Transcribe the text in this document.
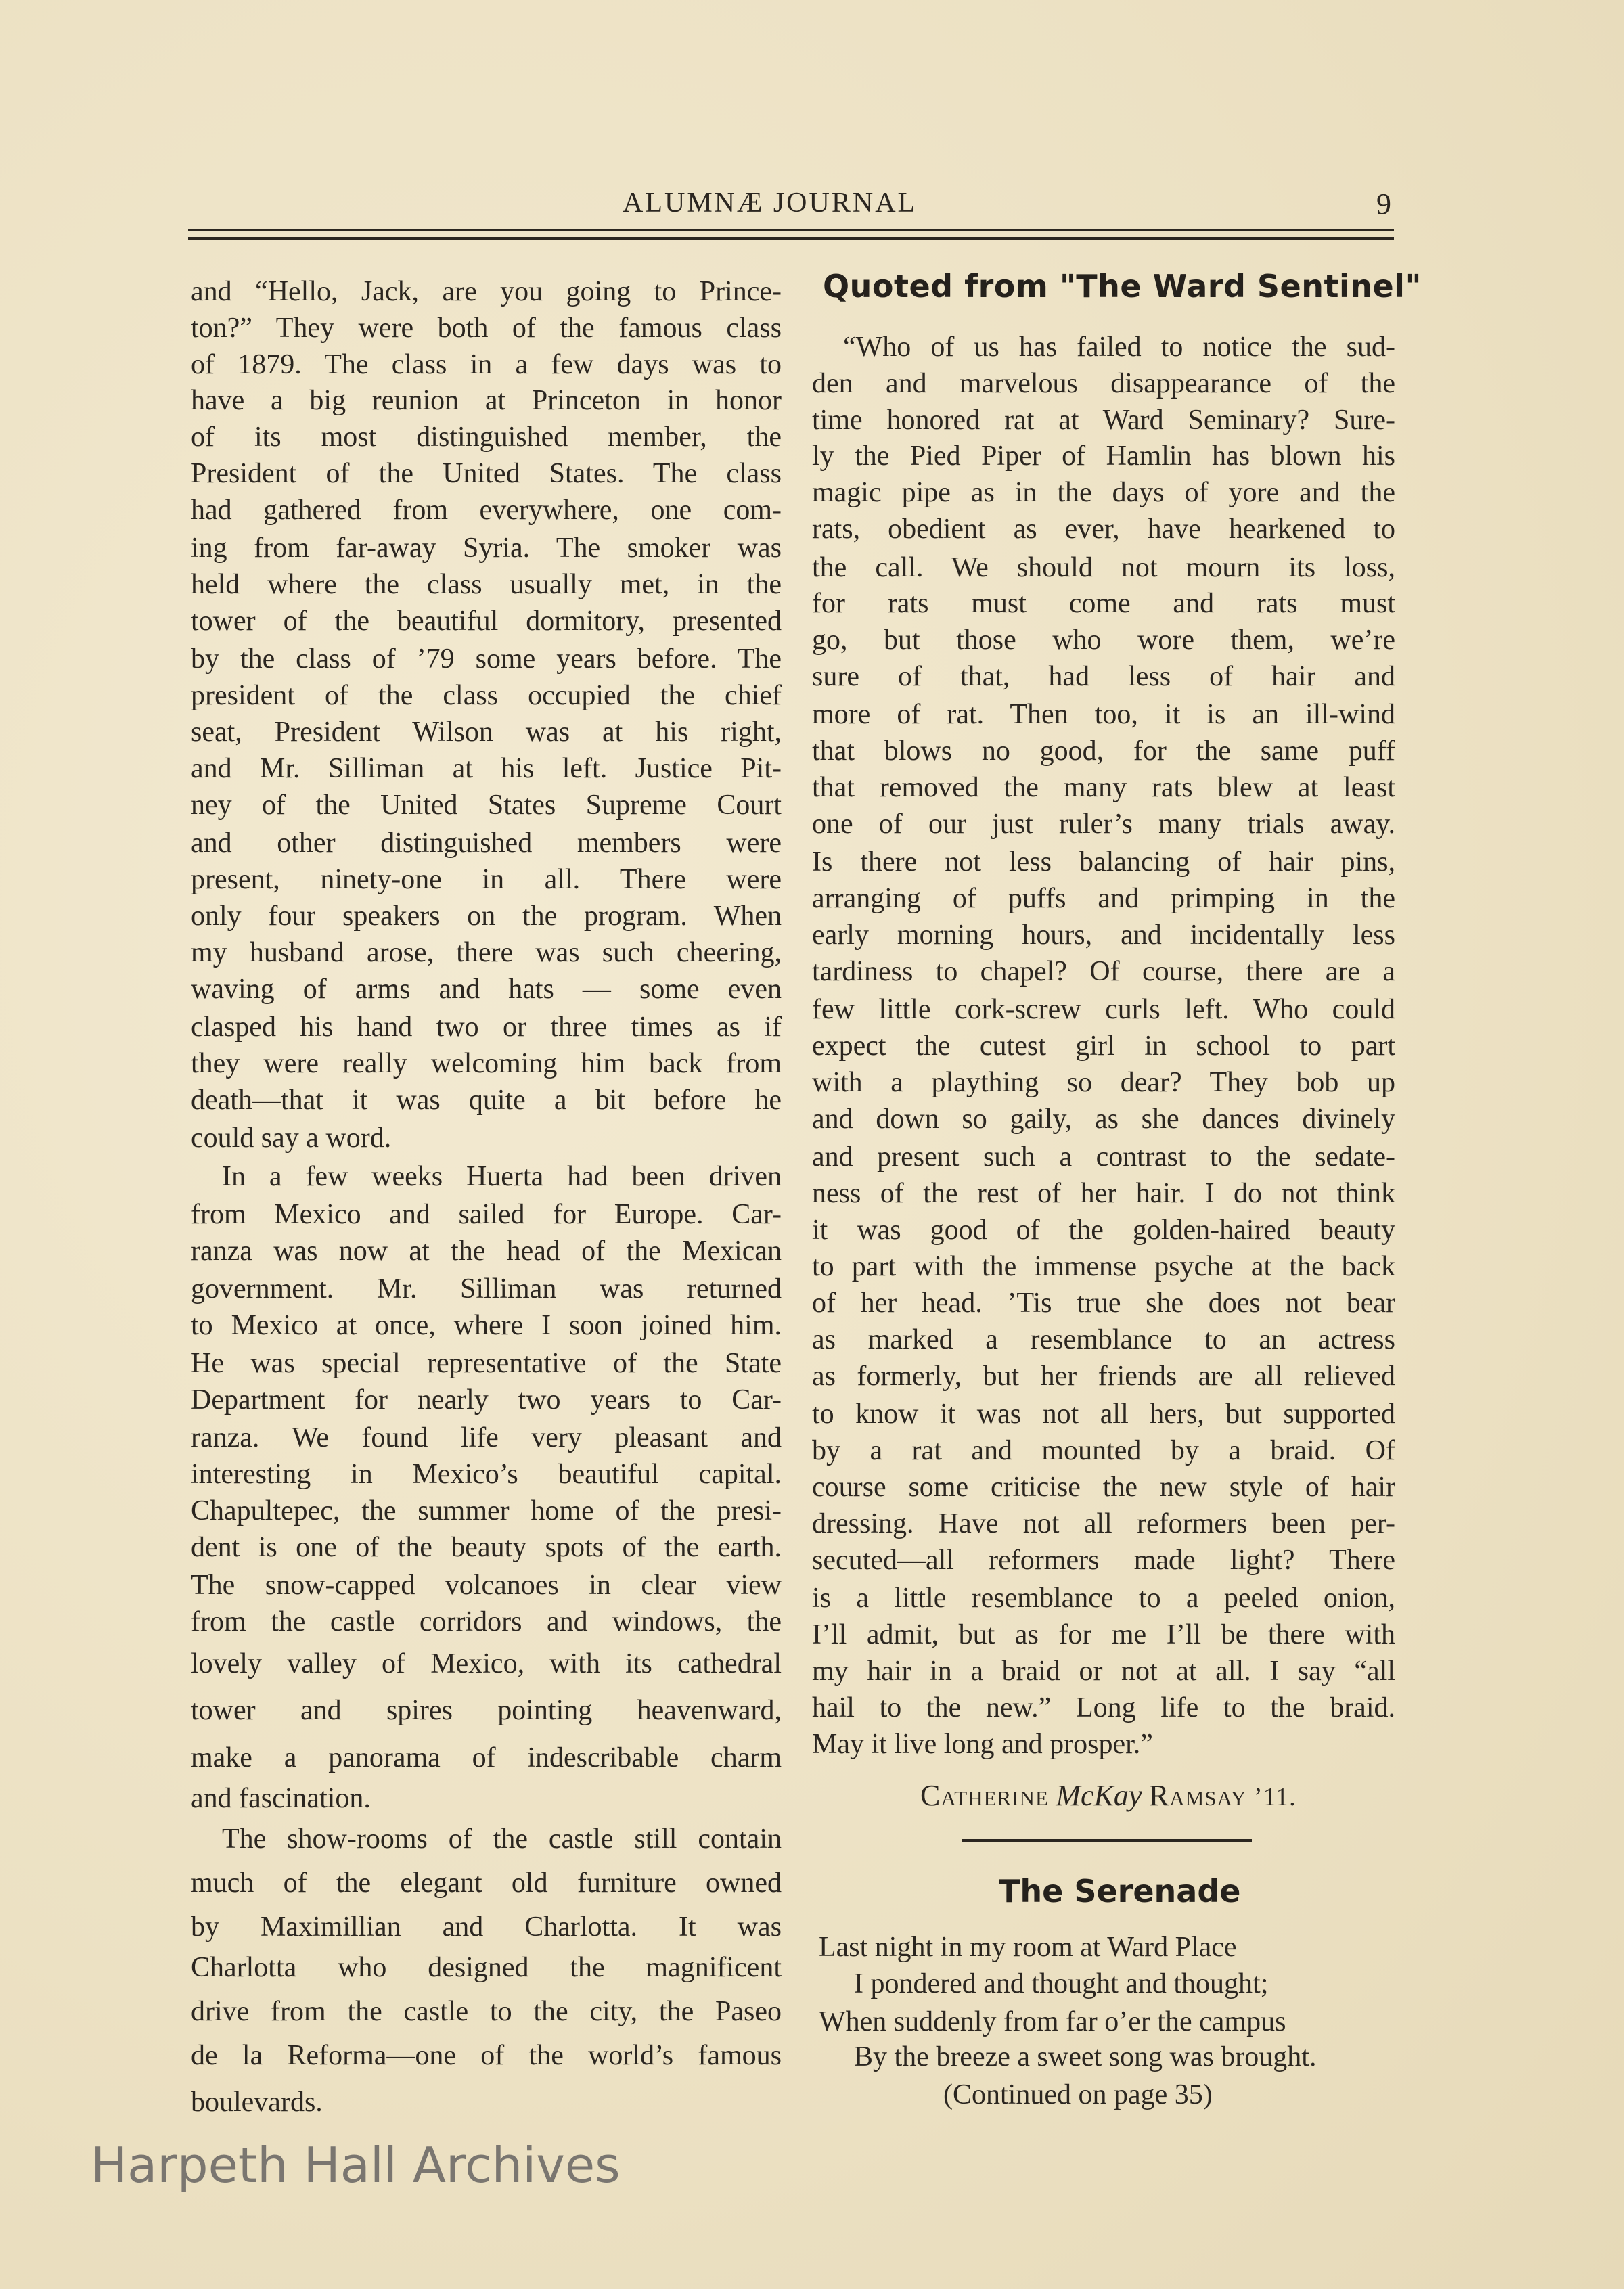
ALUMNÆ JOURNAL	9
and “Hello, Jack, are you going to Prince-
ton?” They were both of the famous class
of 1879. The class in a few days was to
have a big reunion at Princeton in honor
of its most distinguished member, the
President of the United States. The class
had gathered from everywhere, one com-
ing from far-away Syria. The smoker was
held where the class usually met, in the
tower of the beautiful dormitory, presented
by the class of ’79 some years before. The
president of the class occupied the chief
seat, President Wilson was at his right,
and Mr. Silliman at his left. Justice Pit-
ney of the United States Supreme Court
and other distinguished members were
present, ninety-one in all. There were
only four speakers on the program. When
my husband arose, there was such cheering,
waving of arms and hats — some even
clasped his hand two or three times as if
they were really welcoming him back from
death—that it was quite a bit before he
could say a word.
In a few weeks Huerta had been driven
from Mexico and sailed for Europe. Car-
ranza was now at the head of the Mexican
government. Mr. Silliman was returned
to Mexico at once, where I soon joined him.
He was special representative of the State
Department for nearly two years to Car-
ranza. We found life very pleasant and
interesting in Mexico’s beautiful capital.
Chapultepec, the summer home of the presi-
dent is one of the beauty spots of the earth.
The snow-capped volcanoes in clear view
from the castle corridors and windows, the
lovely valley of Mexico, with its cathedral
tower and spires pointing heavenward,
make a panorama of indescribable charm
and fascination.
The show-rooms of the castle still contain
much of the elegant old furniture owned
by Maximillian and Charlotta. It was
Charlotta who designed the magnificent
drive from the castle to the city, the Paseo
de la Reforma—one of the world’s famous
boulevards.
Quoted from "The Ward Sentinel"
“Who of us has failed to notice the sud-
den and marvelous disappearance of the
time honored rat at Ward Seminary? Sure-
ly the Pied Piper of Hamlin has blown his
magic pipe as in the days of yore and the
rats, obedient as ever, have hearkened to
the call. We should not mourn its loss,
for rats must come and rats must
go, but those who wore them, we’re
sure of that, had less of hair and
more of rat. Then too, it is an ill-wind
that blows no good, for the same puff
that removed the many rats blew at least
one of our just ruler’s many trials away.
Is there not less balancing of hair pins,
arranging of puffs and primping in the
early morning hours, and incidentally less
tardiness to chapel? Of course, there are a
few little cork-screw curls left. Who could
expect the cutest girl in school to part
with a plaything so dear? They bob up
and down so gaily, as she dances divinely
and present such a contrast to the sedate-
ness of the rest of her hair. I do not think
it was good of the golden-haired beauty
to part with the immense psyche at the back
of her head. ’Tis true she does not bear
as marked a resemblance to an actress
as formerly, but her friends are all relieved
to know it was not all hers, but supported
by a rat and mounted by a braid. Of
course some criticise the new style of hair
dressing. Have not all reformers been per-
secuted—all reformers made light? There
is a little resemblance to a peeled onion,
I’ll admit, but as for me I’ll be there with
my hair in a braid or not at all. I say “all
hail to the new.” Long life to the braid.
May it live long and prosper.”
Catherine McKay Ramsay ’11.
The Serenade
Last night in my room at Ward Place
I pondered and thought and thought;
When suddenly from far o’er the campus
By the breeze a sweet song was brought.
(Continued on page 35)
Harpeth Hall Archives
